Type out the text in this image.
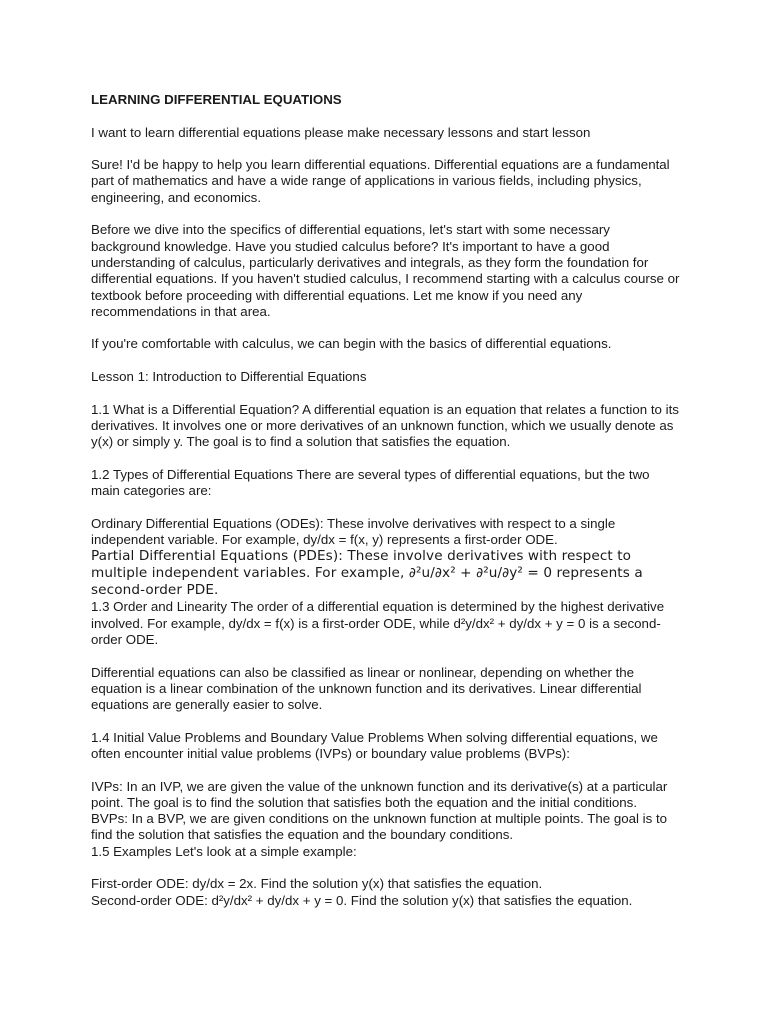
LEARNING DIFFERENTIAL EQUATIONS

I want to learn differential equations please make necessary lessons and start lesson

Sure! I'd be happy to help you learn differential equations. Differential equations are a fundamental part of mathematics and have a wide range of applications in various fields, including physics, engineering, and economics.

Before we dive into the specifics of differential equations, let's start with some necessary background knowledge. Have you studied calculus before? It's important to have a good understanding of calculus, particularly derivatives and integrals, as they form the foundation for differential equations. If you haven't studied calculus, I recommend starting with a calculus course or textbook before proceeding with differential equations. Let me know if you need any recommendations in that area.

If you're comfortable with calculus, we can begin with the basics of differential equations.

Lesson 1: Introduction to Differential Equations

1.1 What is a Differential Equation? A differential equation is an equation that relates a function to its derivatives. It involves one or more derivatives of an unknown function, which we usually denote as y(x) or simply y. The goal is to find a solution that satisfies the equation.

1.2 Types of Differential Equations There are several types of differential equations, but the two main categories are:

Ordinary Differential Equations (ODEs): These involve derivatives with respect to a single independent variable. For example, dy/dx = f(x, y) represents a first-order ODE.

Partial Differential Equations (PDEs): These involve derivatives with respect to multiple independent variables. For example, ∂²u/∂x² + ∂²u/∂y² = 0 represents a second-order PDE.

1.3 Order and Linearity The order of a differential equation is determined by the highest derivative involved. For example, dy/dx = f(x) is a first-order ODE, while d²y/dx² + dy/dx + y = 0 is a second-order ODE.

Differential equations can also be classified as linear or nonlinear, depending on whether the equation is a linear combination of the unknown function and its derivatives. Linear differential equations are generally easier to solve.

1.4 Initial Value Problems and Boundary Value Problems When solving differential equations, we often encounter initial value problems (IVPs) or boundary value problems (BVPs):

IVPs: In an IVP, we are given the value of the unknown function and its derivative(s) at a particular point. The goal is to find the solution that satisfies both the equation and the initial conditions.

BVPs: In a BVP, we are given conditions on the unknown function at multiple points. The goal is to find the solution that satisfies the equation and the boundary conditions.

1.5 Examples Let's look at a simple example:

First-order ODE: dy/dx = 2x. Find the solution y(x) that satisfies the equation.

Second-order ODE: d²y/dx² + dy/dx + y = 0. Find the solution y(x) that satisfies the equation.
